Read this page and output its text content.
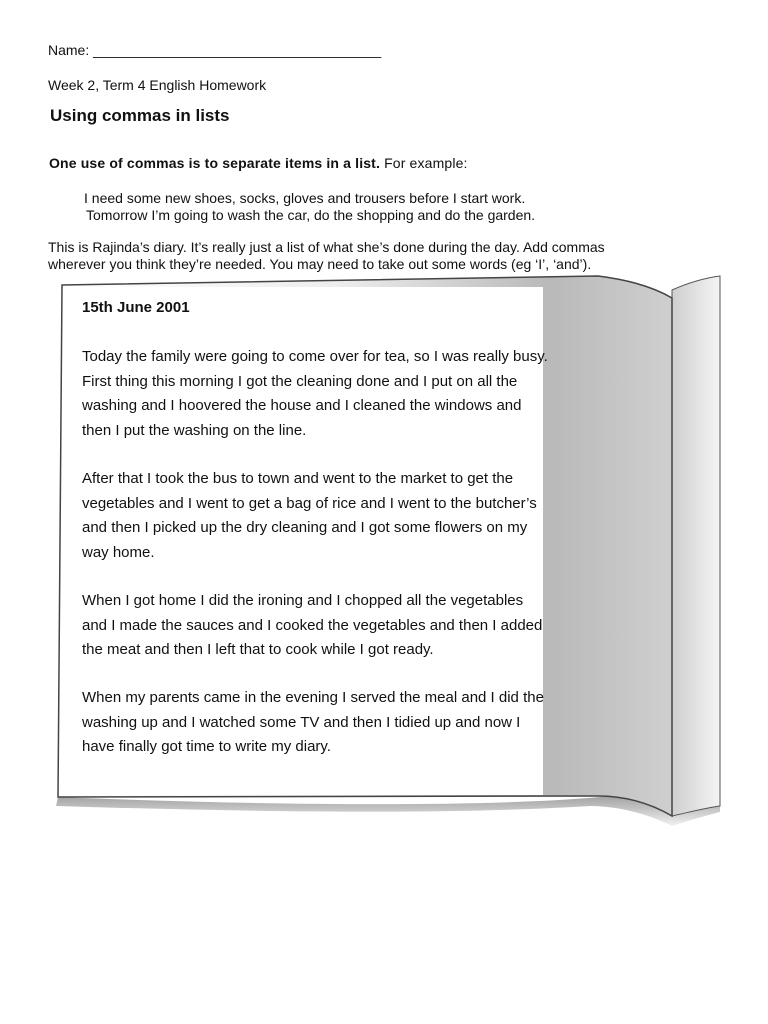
Name: _____________________________________
Week 2, Term 4 English Homework
Using commas in lists
One use of commas is to separate items in a list. For example:
I need some new shoes, socks, gloves and trousers before I start work.
Tomorrow I’m going to wash the car, do the shopping and do the garden.
This is Rajinda’s diary. It’s really just a list of what she’s done during the day. Add commas
wherever you think they’re needed. You may need to take out some words (eg ‘I’, ‘and’).
15th June 2001
Today the family were going to come over for tea, so I was really busy.
First thing this morning I got the cleaning done and I put on all the
washing and I hoovered the house and I cleaned the windows and
then I put the washing on the line.
After that I took the bus to town and went to the market to get the
vegetables and I went to get a bag of rice and I went to the butcher’s
and then I picked up the dry cleaning and I got some flowers on my
way home.
When I got home I did the ironing and I chopped all the vegetables
and I made the sauces and I cooked the vegetables and then I added
the meat and then I left that to cook while I got ready.
When my parents came in the evening I served the meal and I did the
washing up and I watched some TV and then I tidied up and now I
have finally got time to write my diary.
